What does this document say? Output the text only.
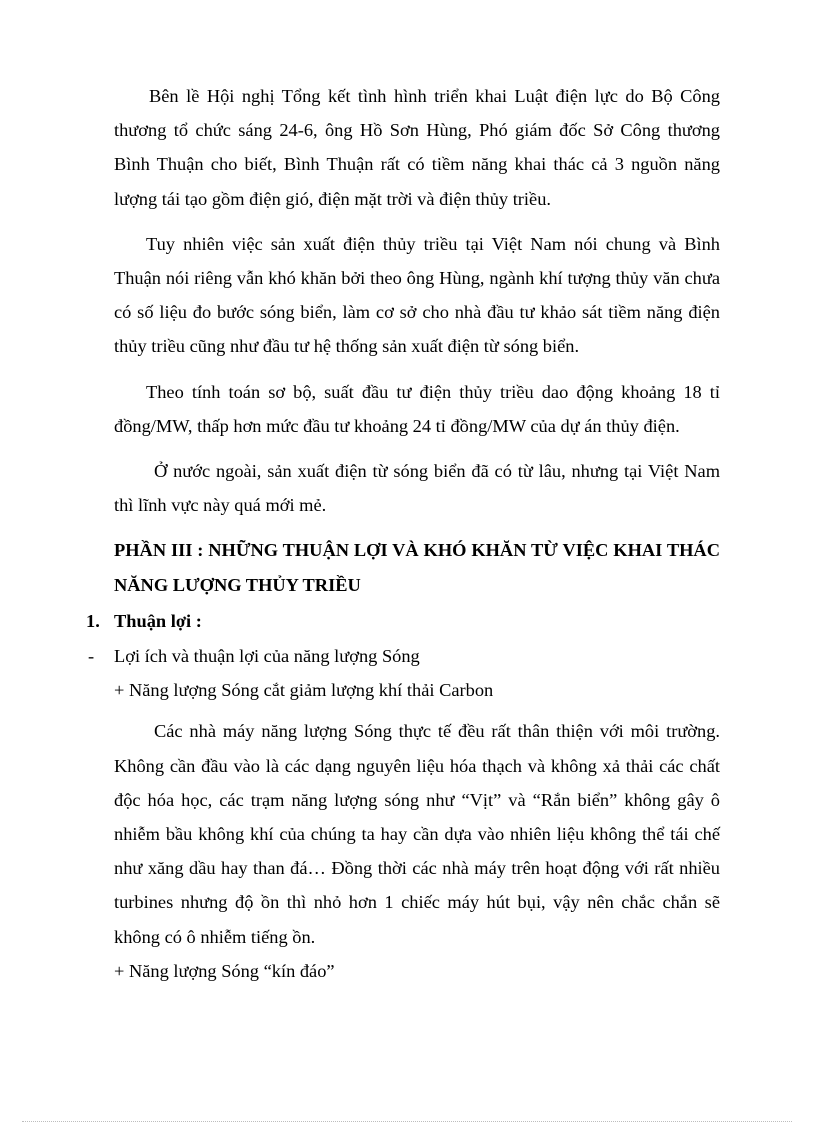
Bên lề Hội nghị Tổng kết tình hình triển khai Luật điện lực do Bộ Công thương tổ chức sáng 24-6, ông Hồ Sơn Hùng, Phó giám đốc Sở Công thương Bình Thuận cho biết, Bình Thuận rất có tiềm năng khai thác cả 3 nguồn năng lượng tái tạo gồm điện gió, điện mặt trời và điện thủy triều.

Tuy nhiên việc sản xuất điện thủy triều tại Việt Nam nói chung và Bình Thuận nói riêng vẫn khó khăn bởi theo ông Hùng, ngành khí tượng thủy văn chưa có số liệu đo bước sóng biển, làm cơ sở cho nhà đầu tư khảo sát tiềm năng điện thủy triều cũng như đầu tư hệ thống sản xuất điện từ sóng biển.

Theo tính toán sơ bộ, suất đầu tư điện thủy triều dao động khoảng 18 tỉ đồng/MW, thấp hơn mức đầu tư khoảng 24 tỉ đồng/MW của dự án thủy điện.

Ở nước ngoài, sản xuất điện từ sóng biển đã có từ lâu, nhưng tại Việt Nam thì lĩnh vực này quá mới mẻ.

PHẦN III : NHỮNG THUẬN LỢI VÀ KHÓ KHĂN TỪ VIỆC KHAI THÁC NĂNG LƯỢNG THỦY TRIỀU

1. Thuận lợi :

- Lợi ích và thuận lợi của năng lượng Sóng

+ Năng lượng Sóng cắt giảm lượng khí thải Carbon

Các nhà máy năng lượng Sóng thực tế đều rất thân thiện với môi trường. Không cần đầu vào là các dạng nguyên liệu hóa thạch và không xả thải các chất độc hóa học, các trạm năng lượng sóng như “Vịt” và “Rắn biển” không gây ô nhiễm bầu không khí của chúng ta hay cần dựa vào nhiên liệu không thể tái chế như xăng dầu hay than đá… Đồng thời các nhà máy trên hoạt động với rất nhiều turbines nhưng độ ồn thì nhỏ hơn 1 chiếc máy hút bụi, vậy nên chắc chắn sẽ không có ô nhiễm tiếng ồn.

+ Năng lượng Sóng “kín đáo”
